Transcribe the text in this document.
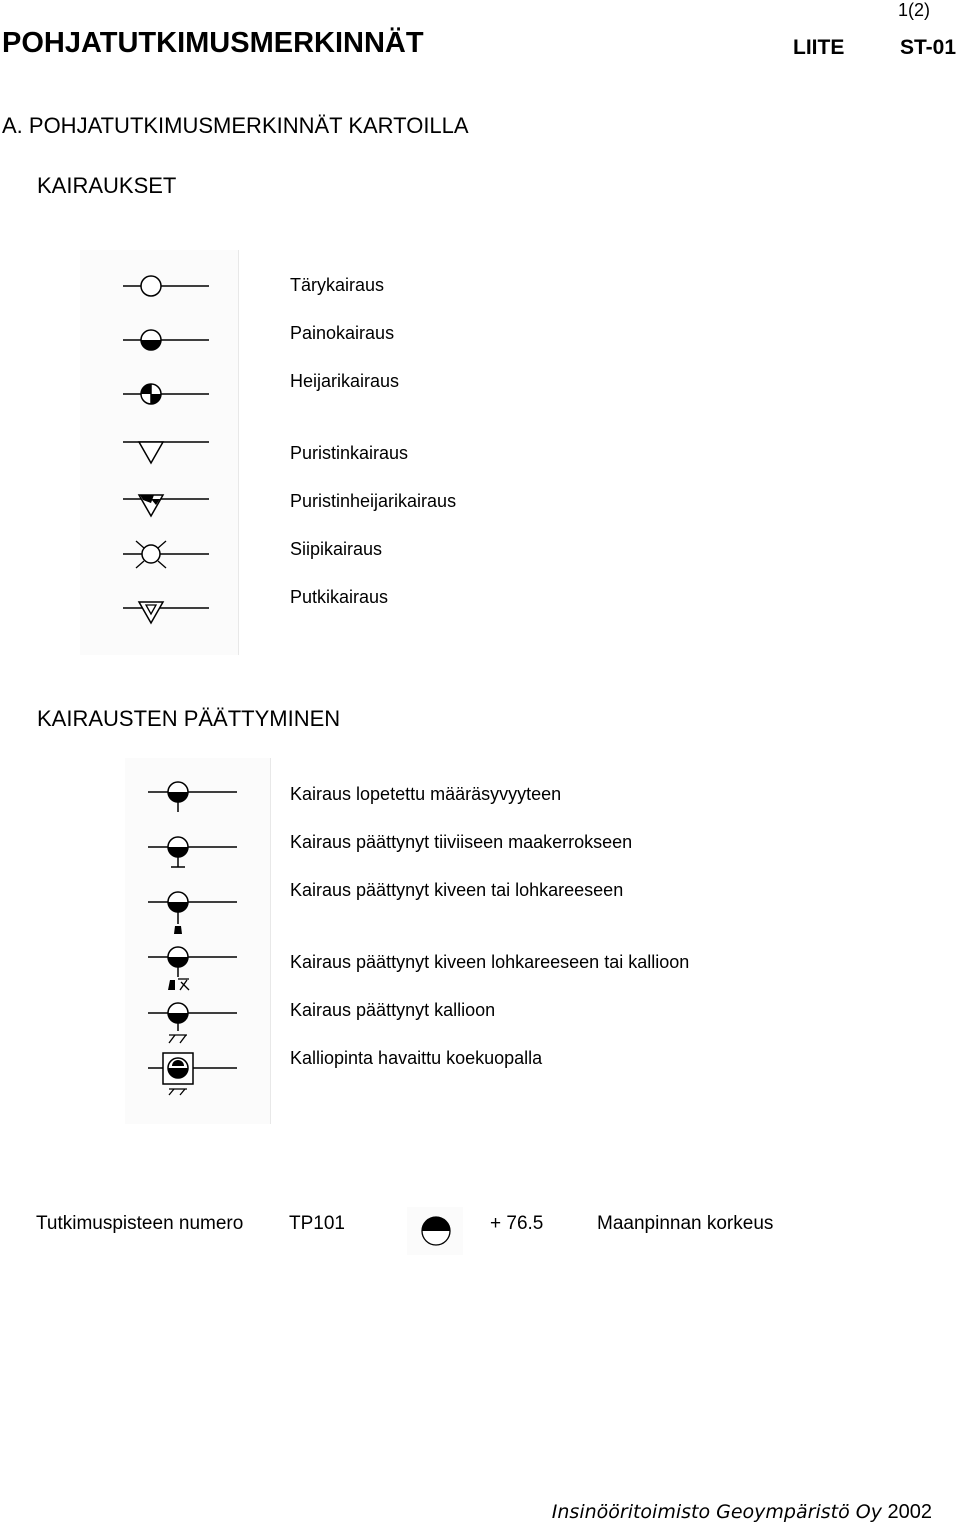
1(2)
POHJATUTKIMUSMERKINNÄT	LIITE	ST-01
A. POHJATUTKIMUSMERKINNÄT KARTOILLA
KAIRAUKSET
Tärykairaus
Painokairaus
Heijarikairaus
Puristinkairaus
Puristinheijarikairaus
Siipikairaus
Putkikairaus
KAIRAUSTEN PÄÄTTYMINEN
Kairaus lopetettu määräsyvyyteen
Kairaus päättynyt tiiviiseen maakerrokseen
Kairaus päättynyt kiveen tai lohkareeseen
Kairaus päättynyt kiveen lohkareeseen tai kallioon
Kairaus päättynyt kallioon
Kalliopinta havaittu koekuopalla
Tutkimuspisteen numero TP101	+ 76.5	Maanpinnan korkeus
Insinööritoimisto Geoympäristö Oy 2002
